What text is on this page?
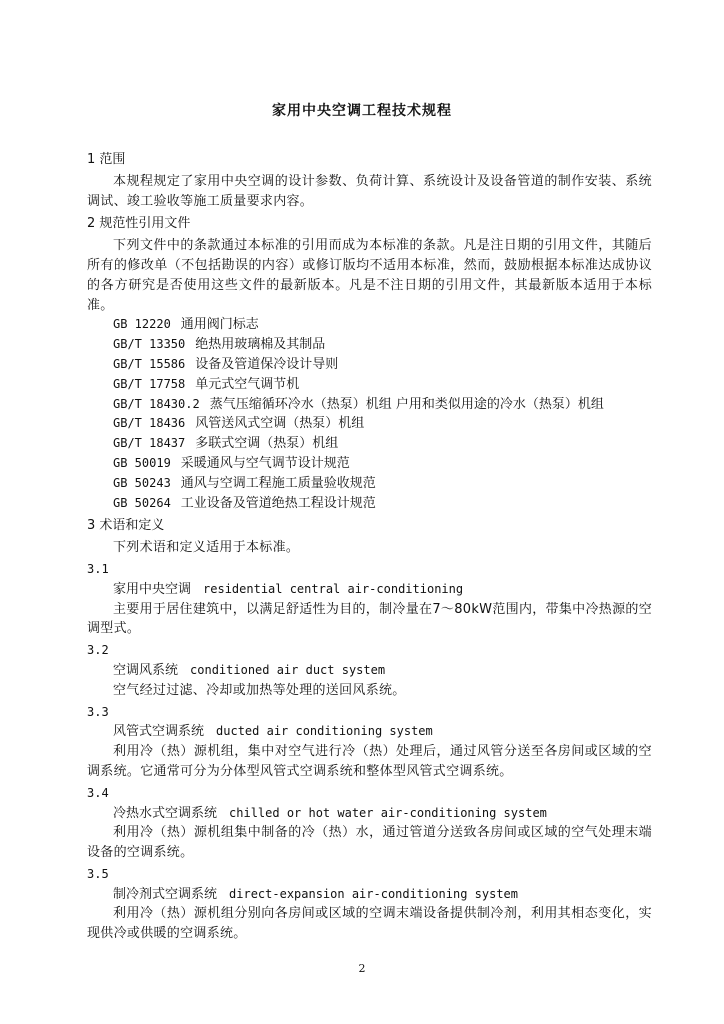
家用中央空调工程技术规程
1 范围
本规程规定了家用中央空调的设计参数、负荷计算、系统设计及设备管道的制作安装、系统调试、竣工验收等施工质量要求内容。
2 规范性引用文件
下列文件中的条款通过本标准的引用而成为本标准的条款。凡是注日期的引用文件，其随后所有的修改单（不包括勘误的内容）或修订版均不适用本标准，然而，鼓励根据本标准达成协议的各方研究是否使用这些文件的最新版本。凡是不注日期的引用文件，其最新版本适用于本标准。
GB 12220 通用阀门标志
GB/T 13350 绝热用玻璃棉及其制品
GB/T 15586 设备及管道保冷设计导则
GB/T 17758 单元式空气调节机
GB/T 18430.2 蒸气压缩循环冷水（热泵）机组 户用和类似用途的冷水（热泵）机组
GB/T 18436 风管送风式空调（热泵）机组
GB/T 18437 多联式空调（热泵）机组
GB 50019 采暖通风与空气调节设计规范
GB 50243 通风与空调工程施工质量验收规范
GB 50264 工业设备及管道绝热工程设计规范
3 术语和定义
下列术语和定义适用于本标准。
3.1
家用中央空调 residential central air-conditioning
主要用于居住建筑中，以满足舒适性为目的，制冷量在7～80kW范围内，带集中冷热源的空调型式。
3.2
空调风系统 conditioned air duct system
空气经过过滤、冷却或加热等处理的送回风系统。
3.3
风管式空调系统 ducted air conditioning system
利用冷（热）源机组，集中对空气进行冷（热）处理后，通过风管分送至各房间或区域的空调系统。它通常可分为分体型风管式空调系统和整体型风管式空调系统。
3.4
冷热水式空调系统 chilled or hot water air-conditioning system
利用冷（热）源机组集中制备的冷（热）水，通过管道分送致各房间或区域的空气处理末端设备的空调系统。
3.5
制冷剂式空调系统 direct-expansion air-conditioning system
利用冷（热）源机组分别向各房间或区域的空调末端设备提供制冷剂，利用其相态变化，实现供冷或供暖的空调系统。
2
